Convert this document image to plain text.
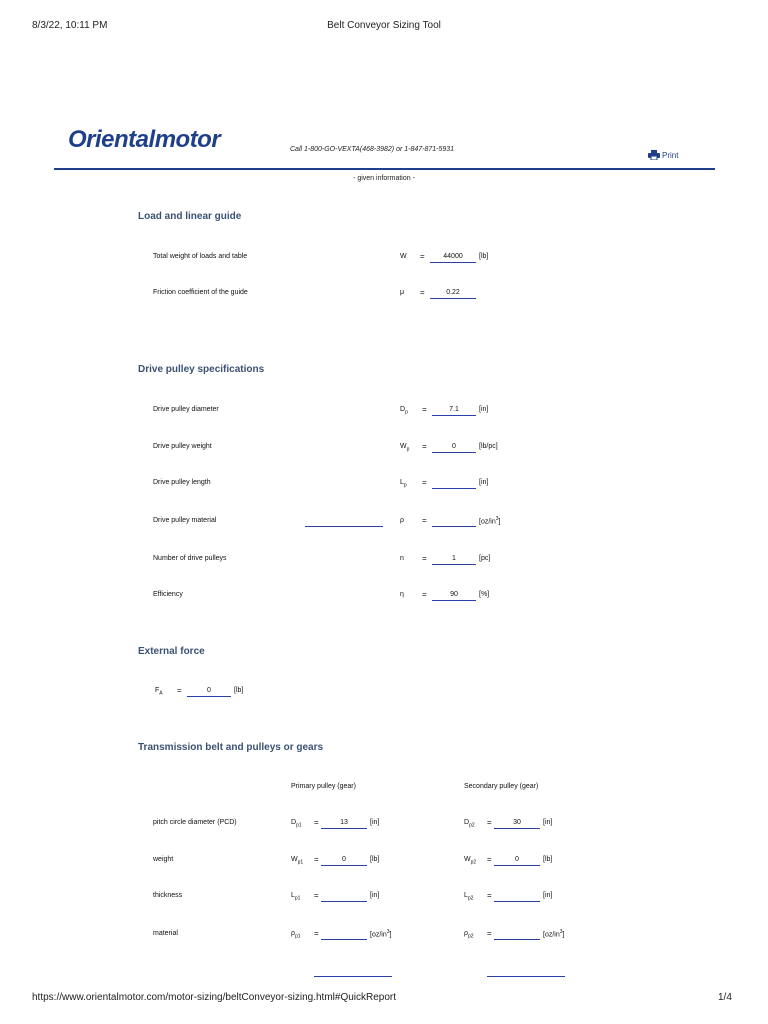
8/3/22, 10:11 PM	Belt Conveyor Sizing Tool
Orientalmotor	Call 1-800-GO-VEXTA(468-3982) or 1-847-871-5931
Print
- given information -
Load and linear guide
Total weight of loads and table	W =	44000	[lb]
Friction coefficient of the guide	μ =	0.22
Drive pulley specifications
Drive pulley diameter	$D_p$ =	7.1	[in]
Drive pulley weight	$W_p$ =	0	[lb/pc]
Drive pulley length	$L_p$ =	[in]
Drive pulley material	ρ =	$[oz/in^3]$
Number of drive pulleys	n =	1	[pc]
Efficiency	η =	90	[%]
External force
$F_A$ =	0	[lb]
Transmission belt and pulleys or gears
Primary pulley (gear)	Secondary pulley (gear)
pitch circle diameter (PCD)	$D_{p1}$ =	13	[in]	$D_{p2}$ =	30	[in]
weight	$W_{p1}$ =	0	[lb]	$W_{p2}$ =	0	[lb]
thickness	$L_{p1}$ =	[in]	$L_{p2}$ =	[in]
material	$\rho_{p1}$ =	$[oz/in^3]$	$\rho_{p2}$ =	$[oz/in^3]$
https://www.orientalmotor.com/motor-sizing/beltConveyor-sizing.html#QuickReport	1/4
